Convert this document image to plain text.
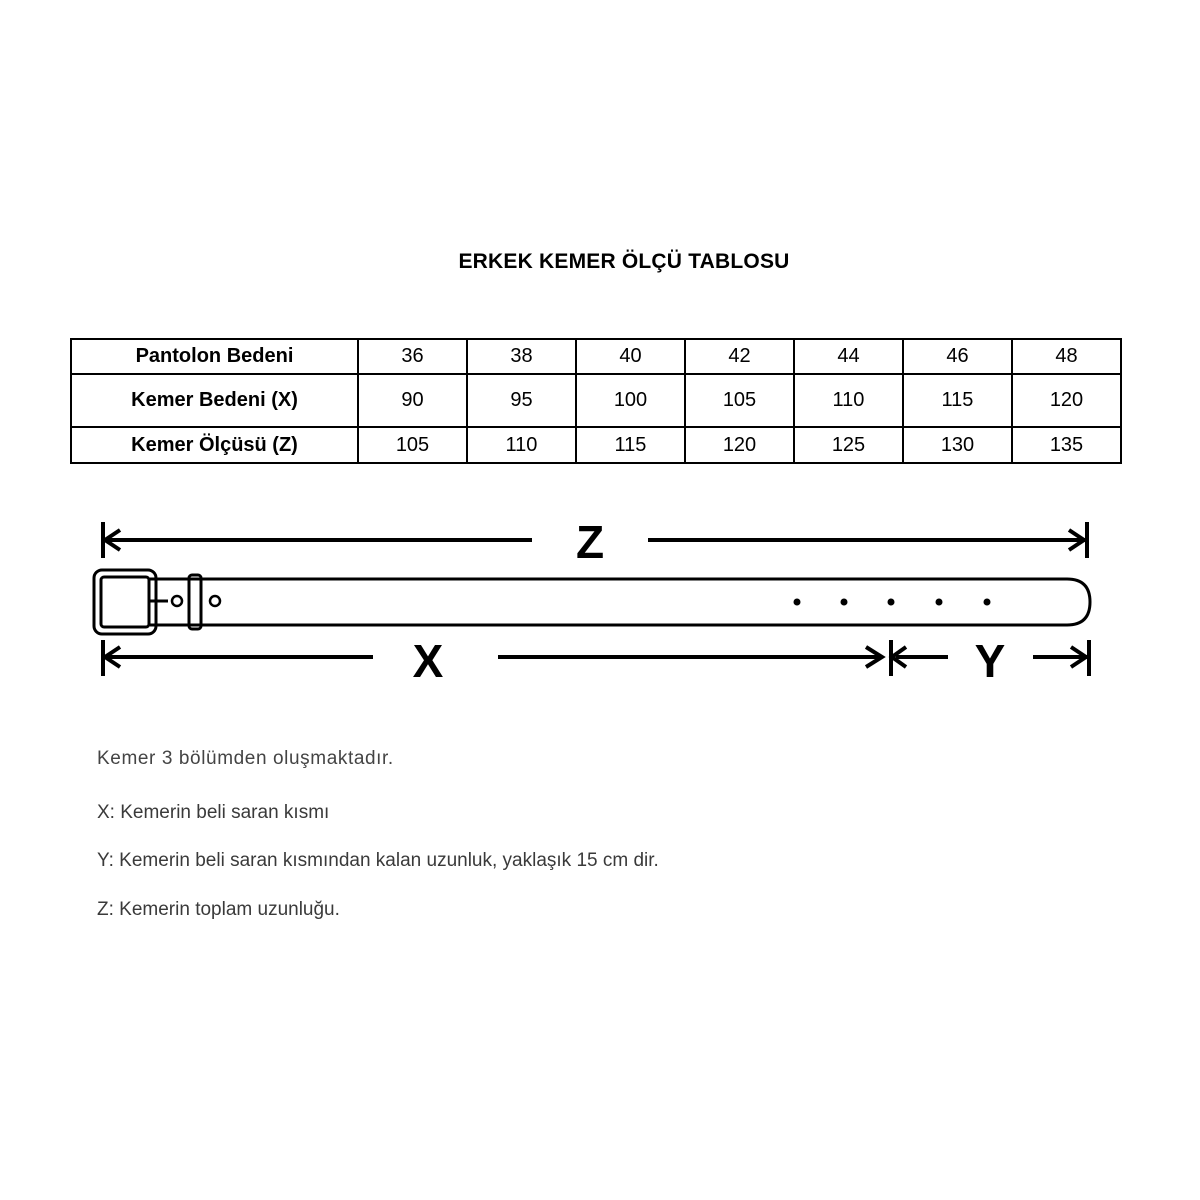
ERKEK KEMER ÖLÇÜ TABLOSU
Pantolon Bedeni	36	38	40	42	44	46	48
Kemer Bedeni (X)	90	95	100	105	110	115	120
Kemer Ölçüsü (Z)	105	110	115	120	125	130	135
Z
X	Y
Kemer 3 bölümden oluşmaktadır.
X: Kemerin beli saran kısmı
Y: Kemerin beli saran kısmından kalan uzunluk, yaklaşık 15 cm dir.
Z: Kemerin toplam uzunluğu.
